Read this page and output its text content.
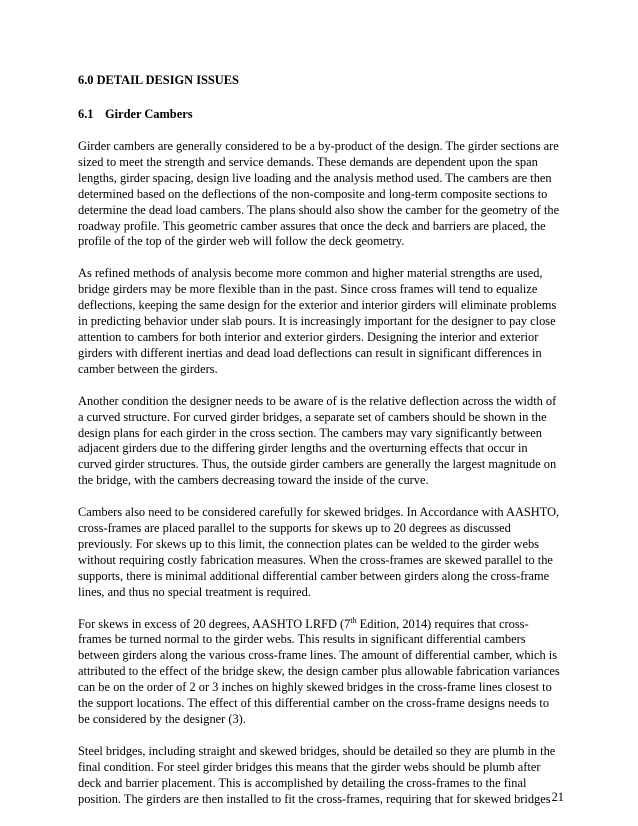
6.0 DETAIL DESIGN ISSUES
6.1 Girder Cambers
Girder cambers are generally considered to be a by-product of the design. The girder sections are
sized to meet the strength and service demands. These demands are dependent upon the span
lengths, girder spacing, design live loading and the analysis method used. The cambers are then
determined based on the deflections of the non-composite and long-term composite sections to
determine the dead load cambers. The plans should also show the camber for the geometry of the
roadway profile. This geometric camber assures that once the deck and barriers are placed, the
profile of the top of the girder web will follow the deck geometry.
As refined methods of analysis become more common and higher material strengths are used,
bridge girders may be more flexible than in the past. Since cross frames will tend to equalize
deflections, keeping the same design for the exterior and interior girders will eliminate problems
in predicting behavior under slab pours. It is increasingly important for the designer to pay close
attention to cambers for both interior and exterior girders. Designing the interior and exterior
girders with different inertias and dead load deflections can result in significant differences in
camber between the girders.
Another condition the designer needs to be aware of is the relative deflection across the width of
a curved structure. For curved girder bridges, a separate set of cambers should be shown in the
design plans for each girder in the cross section. The cambers may vary significantly between
adjacent girders due to the differing girder lengths and the overturning effects that occur in
curved girder structures. Thus, the outside girder cambers are generally the largest magnitude on
the bridge, with the cambers decreasing toward the inside of the curve.
Cambers also need to be considered carefully for skewed bridges. In Accordance with AASHTO,
cross-frames are placed parallel to the supports for skews up to 20 degrees as discussed
previously. For skews up to this limit, the connection plates can be welded to the girder webs
without requiring costly fabrication measures. When the cross-frames are skewed parallel to the
supports, there is minimal additional differential camber between girders along the cross-frame
lines, and thus no special treatment is required.
For skews in excess of 20 degrees, AASHTO LRFD (7th Edition, 2014) requires that cross-
frames be turned normal to the girder webs. This results in significant differential cambers
between girders along the various cross-frame lines. The amount of differential camber, which is
attributed to the effect of the bridge skew, the design camber plus allowable fabrication variances
can be on the order of 2 or 3 inches on highly skewed bridges in the cross-frame lines closest to
the support locations. The effect of this differential camber on the cross-frame designs needs to
be considered by the designer (3).
Steel bridges, including straight and skewed bridges, should be detailed so they are plumb in the
final condition. For steel girder bridges this means that the girder webs should be plumb after
deck and barrier placement. This is accomplished by detailing the cross-frames to the final
position. The girders are then installed to fit the cross-frames, requiring that for skewed bridges 21
